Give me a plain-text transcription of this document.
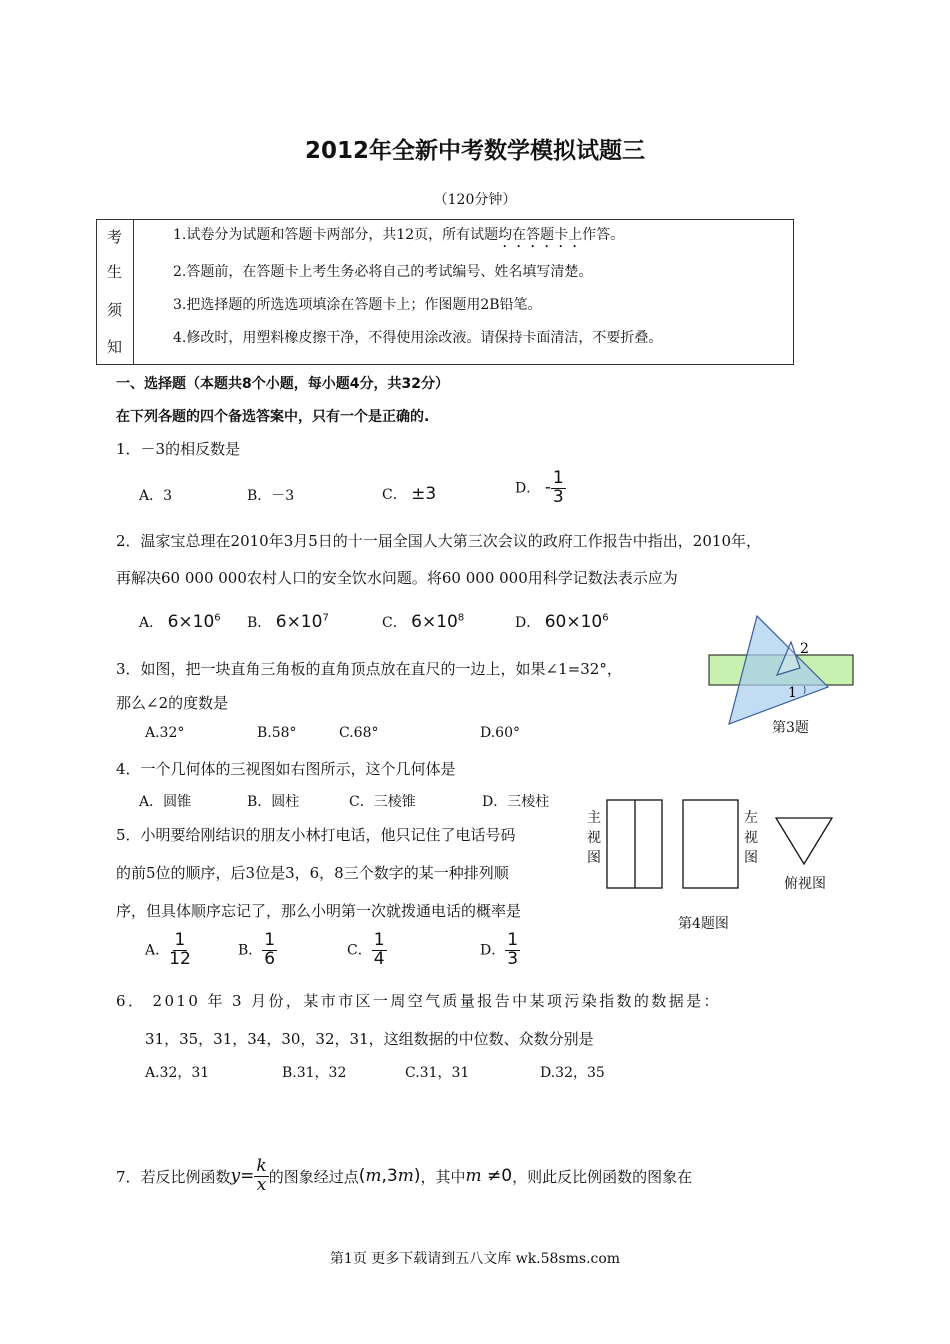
2012年全新中考数学模拟试题三
（120分钟）
考
生
须
知
1.试卷分为试题和答题卡两部分，共12页，所有试题均在答题卡上作答。
2.答题前，在答题卡上考生务必将自己的考试编号、姓名填写清楚。
3.把选择题的所选选项填涂在答题卡上；作图题用2B铅笔。
4.修改时，用塑料橡皮擦干净，不得使用涂改液。请保持卡面清洁，不要折叠。
一、选择题（本题共8个小题，每小题4分，共32分）
在下列各题的四个备选答案中，只有一个是正确的.
1．－3的相反数是
A．3	B．－3	C． ±3	D． - $\frac{1}{3}$
2．温家宝总理在2010年3月5日的十一届全国人大第三次会议的政府工作报告中指出，2010年，
再解决60 000 000农村人口的安全饮水问题。将60 000 000用科学记数法表示应为
A． $6\times 10^6$ B． $6\times 10^7$	C． $6\times 10^8$	D． $60\times 10^6$
2
1
第3题
3．如图，把一块直角三角板的直角顶点放在直尺的一边上，如果∠1=32°，
那么∠2的度数是
A.32°	B.58°	C.68°	D.60°
4．一个几何体的三视图如右图所示，这个几何体是
A．圆锥	B．圆柱	C．三棱锥	D．三棱柱
主
视
图
左
视
图
俯视图
第4题图
5．小明要给刚结识的朋友小林打电话，他只记住了电话号码
的前5位的顺序，后3位是3，6，8三个数字的某一种排列顺
序，但具体顺序忘记了，那么小明第一次就拨通电话的概率是
A． $\frac{1}{12}$	B． $\frac{1}{6}$	C． $\frac{1}{4}$	D． $\frac{1}{3}$
6． 2010 年 3 月份，某市市区一周空气质量报告中某项污染指数的数据是：
31，35，31，34，30，32，31，这组数据的中位数、众数分别是
A.32，31	B.31，32	C.31，31	D.32，35
7．若反比例函数 $y = \frac{k}{x}$ 的图象经过点 (m,3m) ，其中 m ≠0 ，则此反比例函数的图象在
第1页 更多下载请到五八文库 wk.58sms.com
